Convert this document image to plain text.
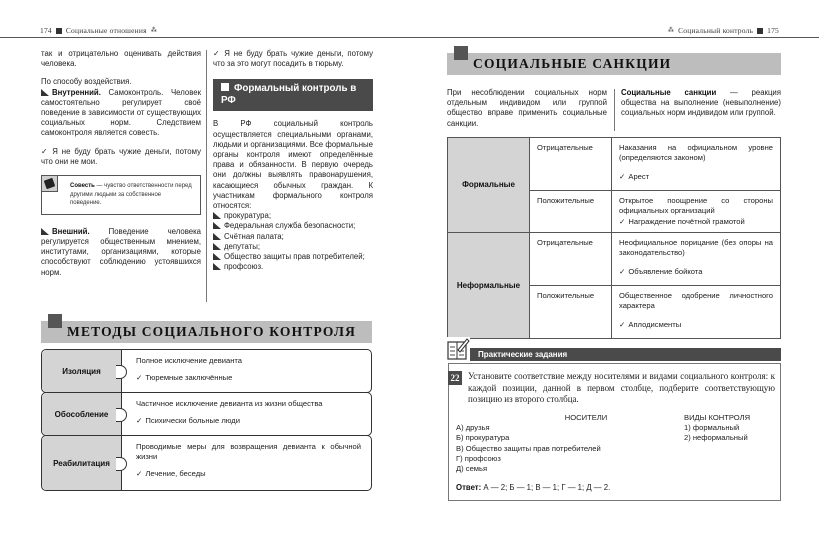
174 Социальные отношения ⁂	⁂ Социальный контроль 175

так и отрицательно оценивать действия человека.

По способу воздействия.

Внутренний. Самоконтроль. Человек самостоятельно регулирует своё поведение в зависимости от существующих социальных норм. Следствием самоконтроля является совесть.

✓ Я не буду брать чужие деньги, потому что они не мои.

Совесть — чувство ответственности перед другими людьми за собственное поведение.

Внешний. Поведение человека регулируется общественным мнением, институтами, организациями, которые способствуют соблюдению устоявшихся норм.

✓ Я не буду брать чужие деньги, потому что за это могут посадить в тюрьму.

Формальный контроль в РФ

В РФ социальный контроль осуществляется специальными органами, людьми и организациями. Все формальные органы контроля имеют определённые права и обязанности. В первую очередь они должны выявлять правонарушения, касающиеся обычных граждан. К участникам формального контроля относятся:

прокуратура;

Федеральная служба безопасности;

Счётная палата;

депутаты;

Общество защиты прав потребителей;

профсоюз.

МЕТОДЫ СОЦИАЛЬНОГО КОНТРОЛЯ
Изоляция

Полное исключение девианта

✓ Тюремные заключённые

Обособление

Частичное исключение девианта из жизни общества

✓ Психически больные люди

Реабилитация

Проводимые меры для возвращения девианта к обычной жизни

✓ Лечение, беседы

СОЦИАЛЬНЫЕ САНКЦИИ

При несоблюдении социальных норм отдельным индивидом или группой общество вправе применить социальные санкции.

Социальные санкции — реакция общества на выполнение (невыполнение) социальных норм индивидом или группой.

Формальные	Отрицательные	Наказания на официальном уровне (определяются законом)
✓ Арест

	Положительные	Открытое поощрение со стороны официальных организаций
✓ Награждение почётной грамотой

Неформальные	Отрицательные	Неофициальное порицание (без опоры на законодательство)
✓ Объявление бойкота

	Положительные	Общественное одобрение личностного характера
✓ Аплодисменты
Практические задания
22 Установите соответствие между носителями и видами социального контроля: к каждой позиции, данной в первом столбце, подберите соответствующую позицию из второго столбца.

НОСИТЕЛИ
А) друзья
Б) прокуратура
В) Общество защиты прав потребителей
Г) профсоюз
Д) семья
ВИДЫ КОНТРОЛЯ
1) формальный
2) неформальный

Ответ: А — 2; Б — 1; В — 1; Г — 1; Д — 2.
